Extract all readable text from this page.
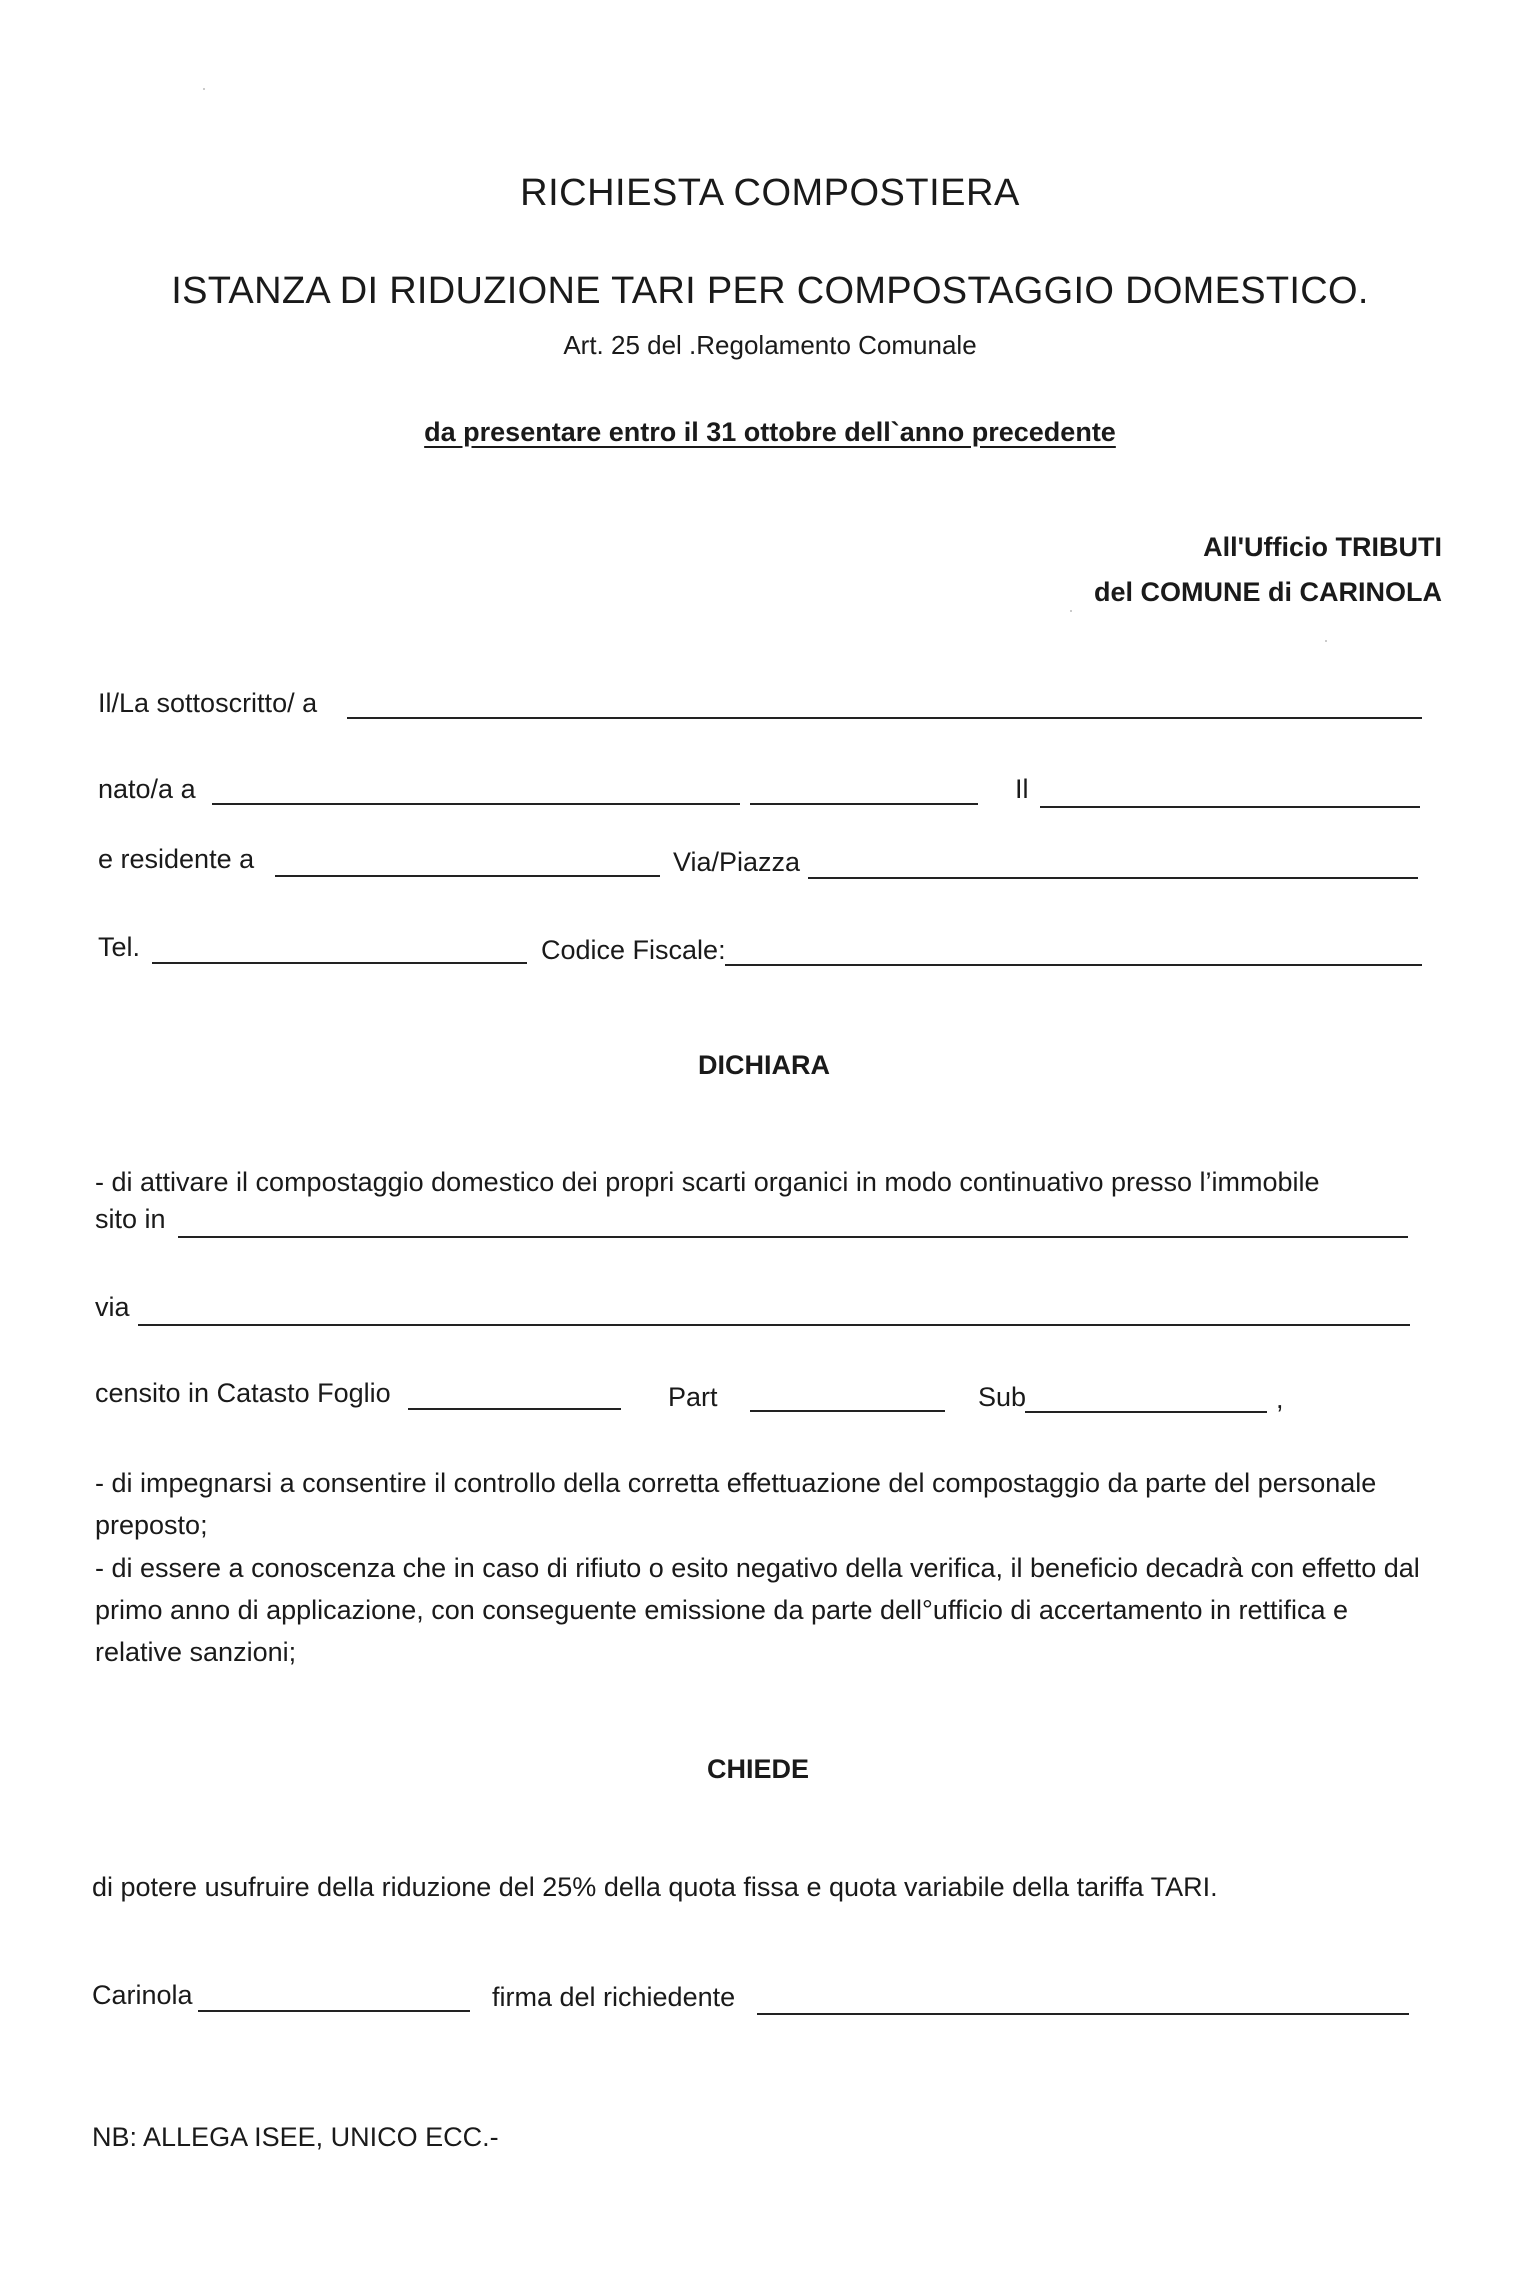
RICHIESTA COMPOSTIERA
ISTANZA DI RIDUZIONE TARI PER COMPOSTAGGIO DOMESTICO.
Art. 25 del .Regolamento Comunale
da presentare entro il 31 ottobre dell`anno precedente
All'Ufficio TRIBUTI
del COMUNE di CARINOLA
Il/La sottoscritto/ a
nato/a a	Il
e residente a	Via/Piazza
Tel.	Codice Fiscale:
DICHIARA
- di attivare il compostaggio domestico dei propri scarti organici in modo continuativo presso l’immobile
sito in
via
censito in Catasto Foglio	Part	Sub	,
- di impegnarsi a consentire il controllo della corretta effettuazione del compostaggio da parte del personale preposto;
- di essere a conoscenza che in caso di rifiuto o esito negativo della verifica, il beneficio decadrà con effetto dal primo anno di applicazione, con conseguente emissione da parte dell°ufficio di accertamento in rettifica e relative sanzioni;
CHIEDE
di potere usufruire della riduzione del 25% della quota fissa e quota variabile della tariffa TARI.
Carinola	firma del richiedente
NB: ALLEGA ISEE, UNICO ECC.-
